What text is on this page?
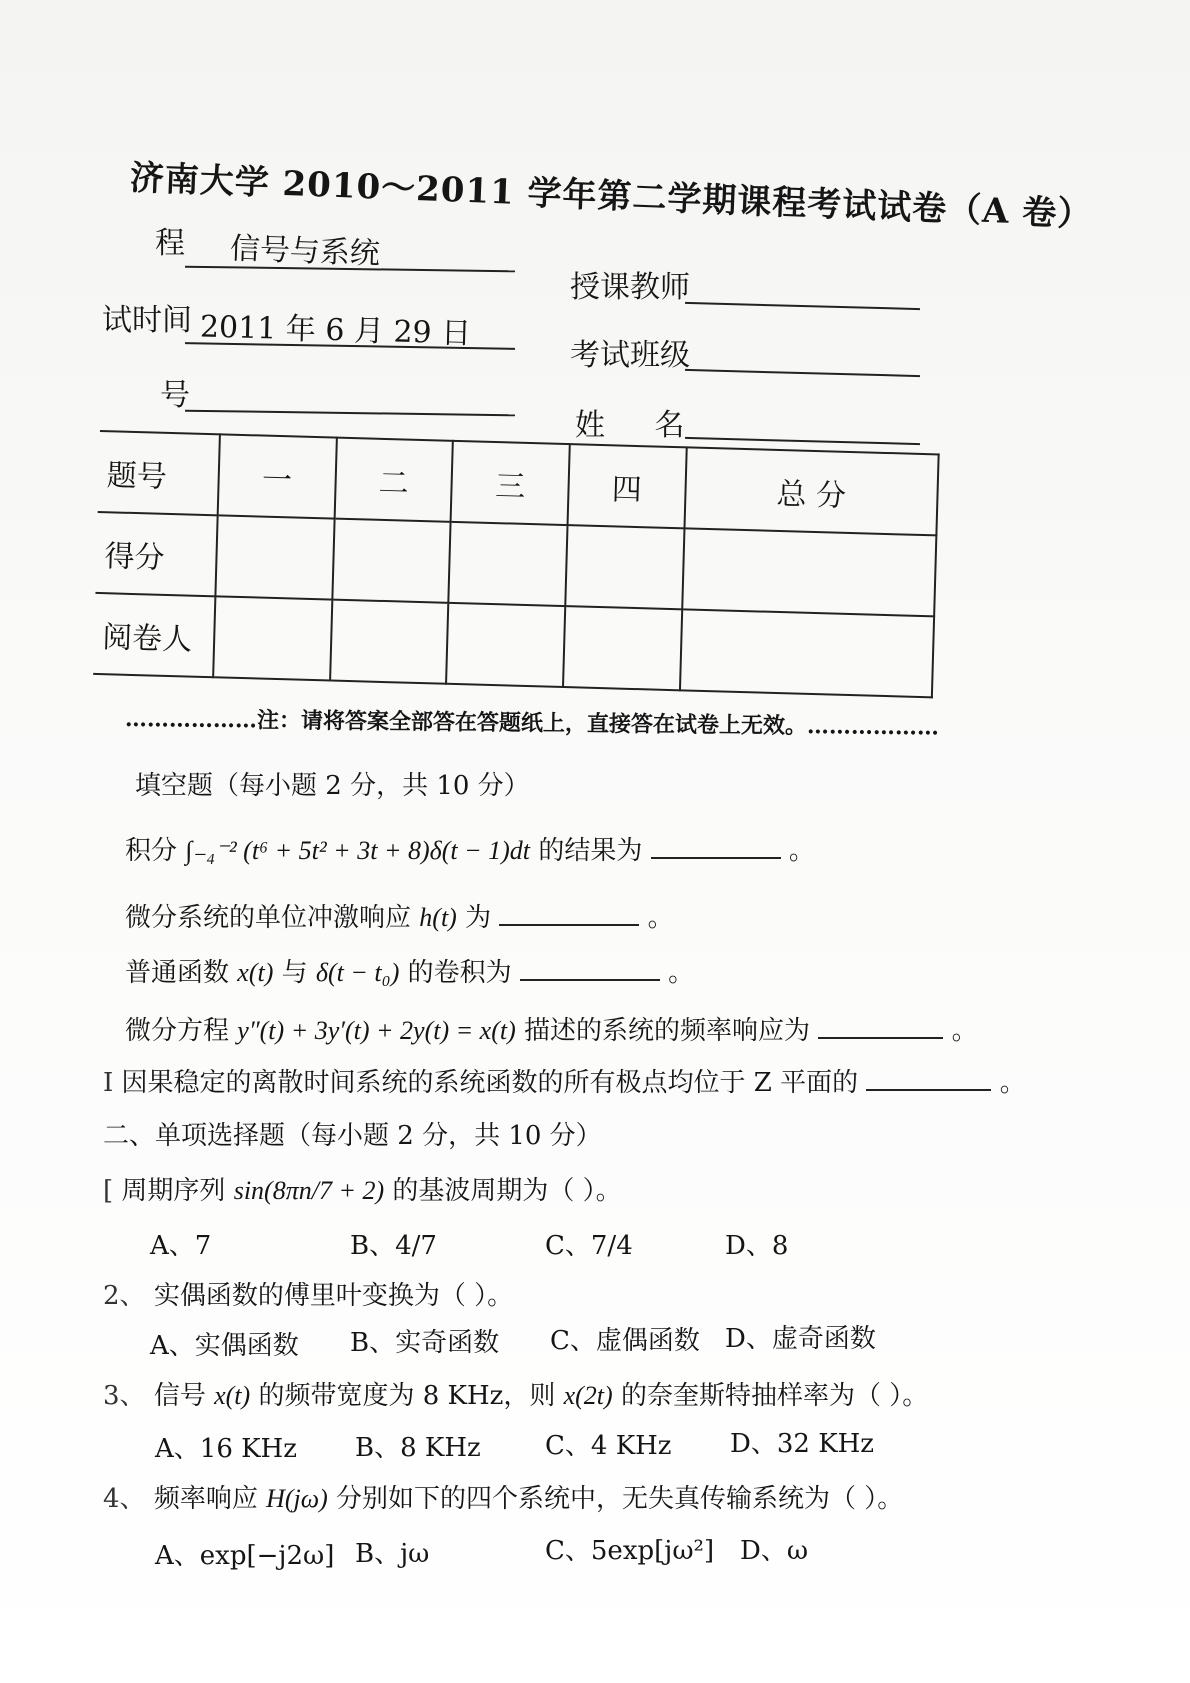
济南大学 2010～2011 学年第二学期课程考试试卷（A 卷）
程 信号与系统
授课教师
试时间 2011 年 6 月 29 日
考试班级
号
姓 名
题号	一	二	三	四	总 分
得分					
阅卷人					
………………注：请将答案全部答在答题纸上，直接答在试卷上无效。………………
填空题（每小题 2 分，共 10 分）
积分 ∫₋₄⁻² (t⁶ + 5t² + 3t + 8)δ(t − 1)dt 的结果为	。
微分系统的单位冲激响应 h(t) 为	。
普通函数 x(t) 与 δ(t − t₀) 的卷积为	。
微分方程 y″(t) + 3y′(t) + 2y(t) = x(t) 描述的系统的频率响应为	。
I 因果稳定的离散时间系统的系统函数的所有极点均位于 Z 平面的	。
二、单项选择题（每小题 2 分，共 10 分）
[ 周期序列 sin(8πn/7 + 2) 的基波周期为（ ）。
A、7	B、4/7	C、7/4	D、8
2、 实偶函数的傅里叶变换为（ ）。
A、实偶函数 B、实奇函数 C、虚偶函数 D、虚奇函数
3、 信号 x(t) 的频带宽度为 8 KHz，则 x(2t) 的奈奎斯特抽样率为（ ）。
A、16 KHz B、8 KHz C、4 KHz D、32 KHz
4、 频率响应 H(jω) 分别如下的四个系统中，无失真传输系统为（ ）。
A、exp[−j2ω] B、jω	C、5exp[jω²] D、ω
